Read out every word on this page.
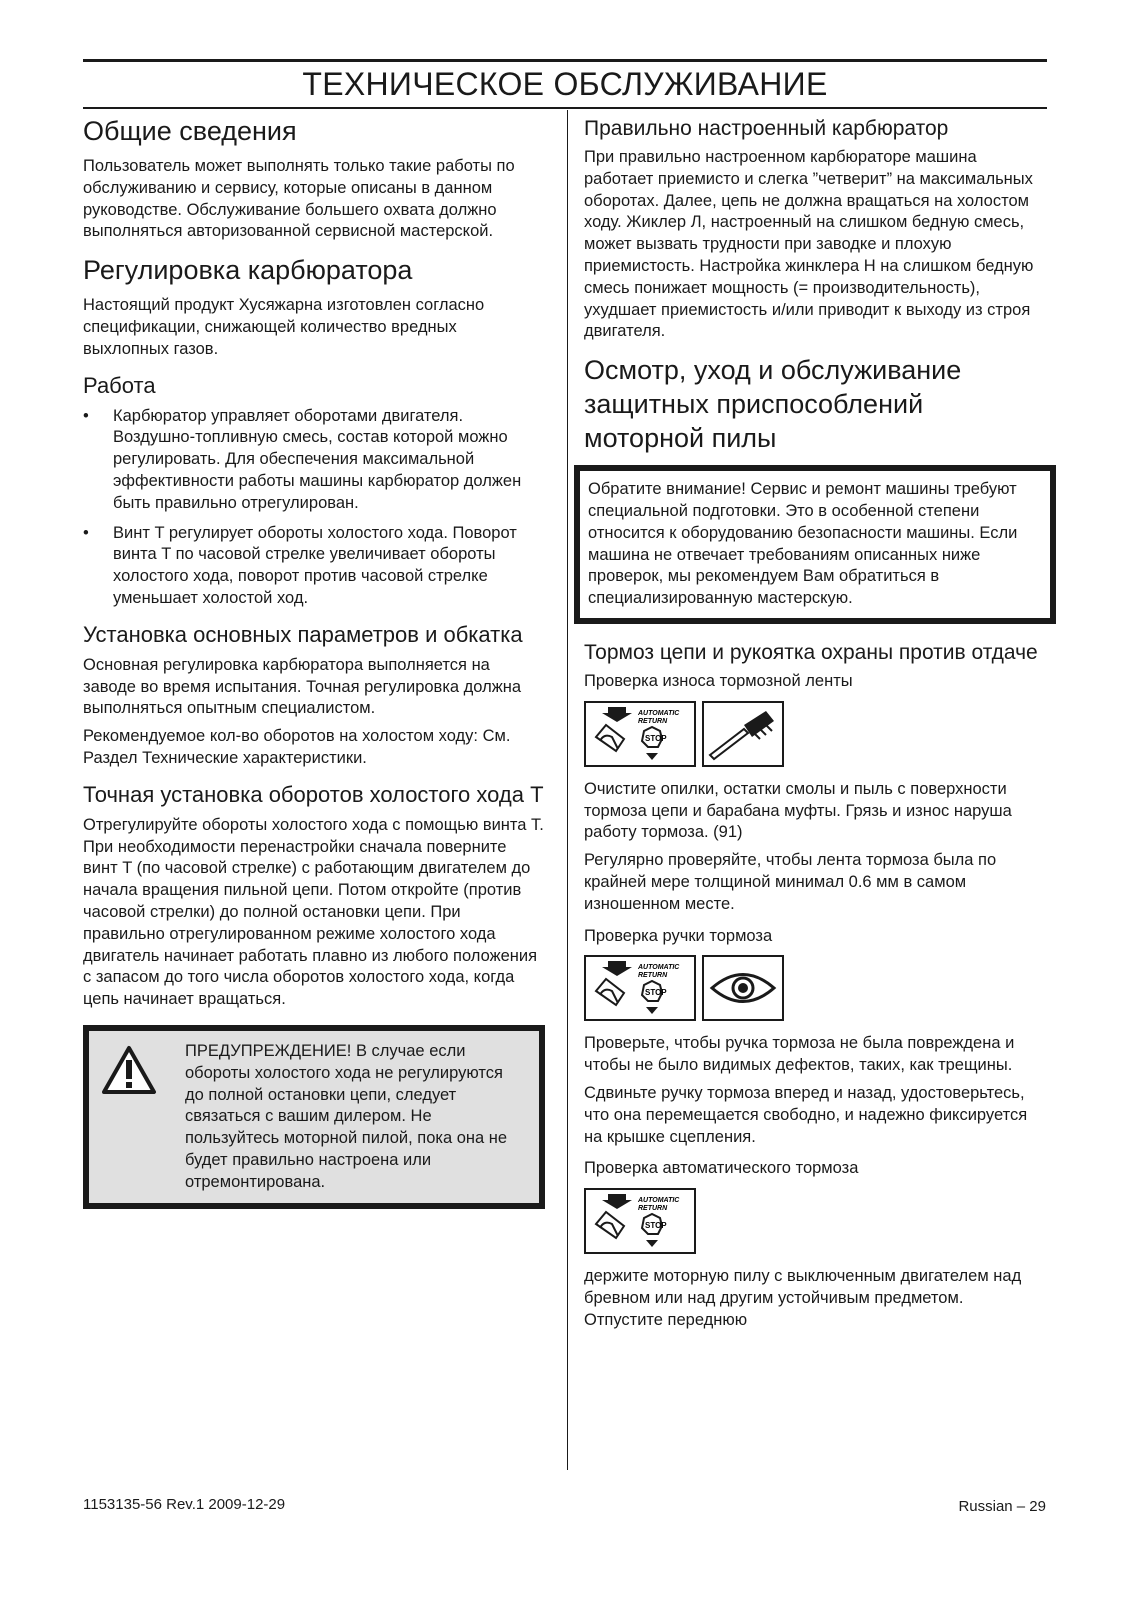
ТЕХНИЧЕСКОЕ ОБСЛУЖИВАНИЕ
Общие сведения
Пользователь может выполнять только такие работы по обслуживанию и сервису, которые описаны в данном руководстве. Обслуживание большего охвата должно выполняться авторизованной сервисной мастерской.
Регулировка карбюратора
Настоящий продукт Хусяжарна изготовлен согласно спецификации, снижающей количество вредных выхлопных газов.
Работа
• Карбюратор управляет оборотами двигателя. Воздушно-топливную смесь, состав которой можно регулировать. Для обеспечения максимальной эффективности работы машины карбюратор должен быть правильно отрегулирован.
• Винт T регулирует обороты холостого хода. Поворот винта T по часовой стрелке увеличивает обороты холостого хода, поворот против часовой стрелке уменьшает холостой ход.
Установка основных параметров и обкатка
Основная регулировка карбюратора выполняется на заводе во время испытания. Точная регулировка должна выполняться опытным специалистом.
Рекомендуемое кол-во оборотов на холостом ходу: См. Раздел Технические характеристики.
Точная установка оборотов холостого хода T
Отрегулируйте обороты холостого хода с помощью винта T. При необходимости перенастройки сначала поверните винт T (по часовой стрелке) с работающим двигателем до начала вращения пильной цепи. Потом откройте (против часовой стрелки) до полной остановки цепи. При правильно отрегулированном режиме холостого хода двигатель начинает работать плавно из любого положения с запасом до того числа оборотов холостого хода, когда цепь начинает вращаться.
ПРЕДУПРЕЖДЕНИЕ! В случае если обороты холостого хода не регулируются до полной остановки цепи, следует связаться с вашим дилером. Не пользуйтесь моторной пилой, пока она не будет правильно настроена или отремонтирована.
Правильно настроенный карбюратор
При правильно настроенном карбюраторе машина работает приемисто и слегка ”четверит” на максимальных оборотах. Далее, цепь не должна вращаться на холостом ходу. Жиклер Л, настроенный на слишком бедную смесь, может вызвать трудности при заводке и плохую приемистость. Настройка жинклера Н на слишком бедную смесь понижает мощность (= производительность), ухудшает приемистость и/или приводит к выходу из строя двигателя.
Осмотр, уход и обслуживание защитных приспособлений моторной пилы
Обратите внимание! Сервис и ремонт машины требуют специальной подготовки. Это в особенной степени относится к оборудованию безопасности машины. Если машина не отвечает требованиям описанных ниже проверок, мы рекомендуем Вам обратиться в специализированную мастерскую.
Тормоз цепи и рукоятка охраны против отдаче
Проверка износа тормозной ленты
AUTOMATIC
RETURN
STOP
Очистите опилки, остатки смолы и пыль с поверхности тормоза цепи и барабана муфты. Грязь и износ наруша работу тормоза. (91)
Регулярно проверяйте, чтобы лента тормоза была по крайней мере толщиной минимал 0.6 мм в самом изношенном месте.
Проверка ручки тормоза
AUTOMATIC
RETURN
STOP
Проверьте, чтобы ручка тормоза не была повреждена и чтобы не было видимых дефектов, таких, как трещины.
Сдвиньте ручку тормоза вперед и назад, удостоверьтесь, что она перемещается свободно, и надежно фиксируется на крышке сцепления.
Проверка автоматического тормоза
AUTOMATIC
RETURN
STOP
держите моторную пилу с выключенным двигателем над бревном или над другим устойчивым предметом. Отпустите переднюю
1153135-56 Rev.1 2009-12-29	Russian – 29
